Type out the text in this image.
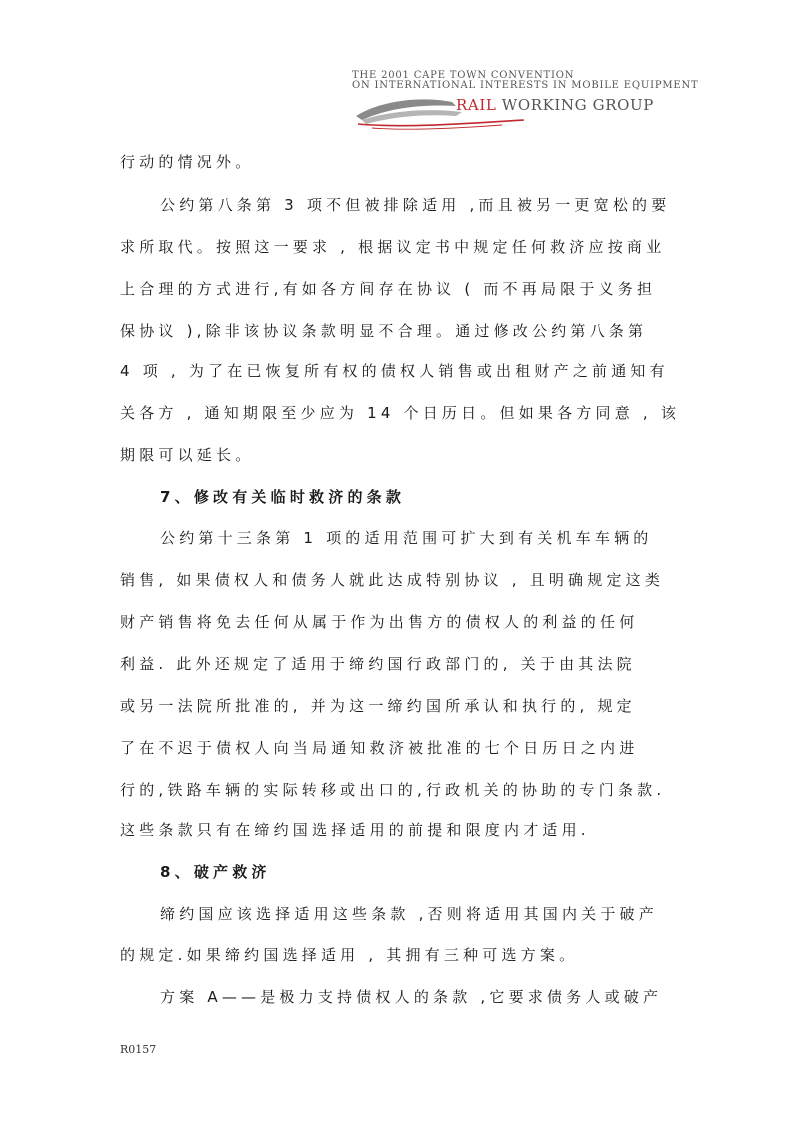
THE 2001 CAPE TOWN CONVENTION
ON INTERNATIONAL INTERESTS IN MOBILE EQUIPMENT
RAIL WORKING GROUP
行动的情况外。
公约第八条第 3 项不但被排除适用 ,而且被另一更宽松的要
求所取代。按照这一要求 , 根据议定书中规定任何救济应按商业
上合理的方式进行,有如各方间存在协议 ( 而不再局限于义务担
保协议 ),除非该协议条款明显不合理。通过修改公约第八条第
4 项 , 为了在已恢复所有权的债权人销售或出租财产之前通知有
关各方 , 通知期限至少应为 14 个日历日。但如果各方同意 , 该
期限可以延长。
7、修改有关临时救济的条款
公约第十三条第 1 项的适用范围可扩大到有关机车车辆的
销售, 如果债权人和债务人就此达成特别协议 , 且明确规定这类
财产销售将免去任何从属于作为出售方的债权人的利益的任何
利益. 此外还规定了适用于缔约国行政部门的, 关于由其法院
或另一法院所批准的, 并为这一缔约国所承认和执行的, 规定
了在不迟于债权人向当局通知救济被批准的七个日历日之内进
行的,铁路车辆的实际转移或出口的,行政机关的协助的专门条款.
这些条款只有在缔约国选择适用的前提和限度内才适用.
8、破产救济
缔约国应该选择适用这些条款 ,否则将适用其国内关于破产
的规定.如果缔约国选择适用 , 其拥有三种可选方案。
方案 A——是极力支持债权人的条款 ,它要求债务人或破产
R0157
